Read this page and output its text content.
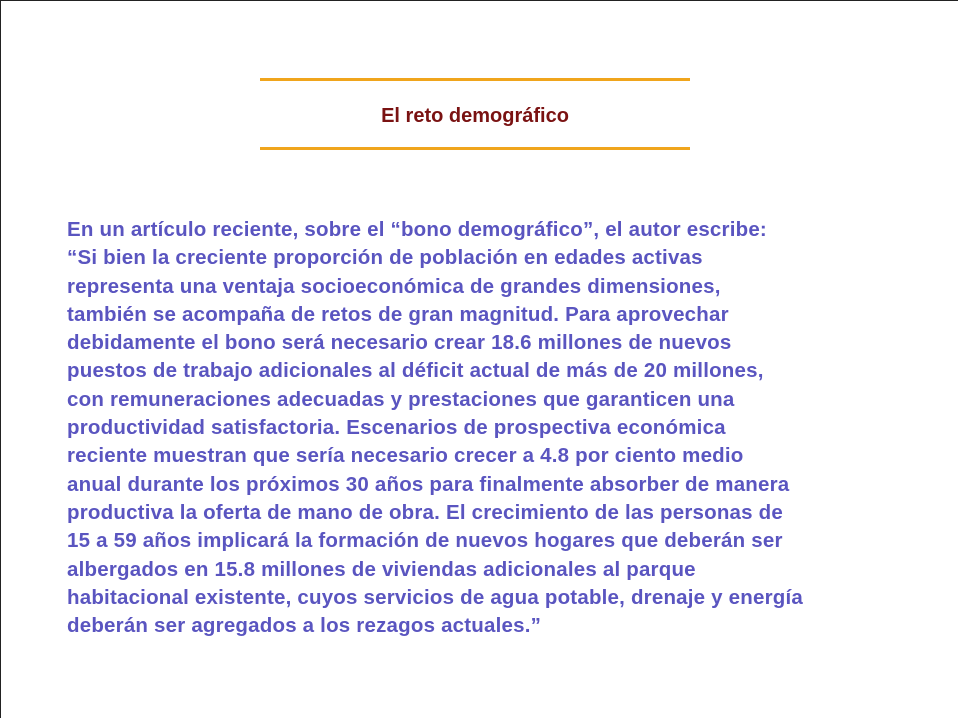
El reto demográfico
En un artículo reciente, sobre el “bono demográfico”, el autor escribe:
“Si bien la creciente proporción de población en edades activas
representa una ventaja socioeconómica de grandes dimensiones,
también se acompaña de retos de gran magnitud. Para aprovechar
debidamente el bono será necesario crear 18.6 millones de nuevos
puestos de trabajo adicionales al déficit actual de más de 20 millones,
con remuneraciones adecuadas y prestaciones que garanticen una
productividad satisfactoria. Escenarios de prospectiva económica
reciente muestran que sería necesario crecer a 4.8 por ciento medio
anual durante los próximos 30 años para finalmente absorber de manera
productiva la oferta de mano de obra. El crecimiento de las personas de
15 a 59 años implicará la formación de nuevos hogares que deberán ser
albergados en 15.8 millones de viviendas adicionales al parque
habitacional existente, cuyos servicios de agua potable, drenaje y energía
deberán ser agregados a los rezagos actuales.”
